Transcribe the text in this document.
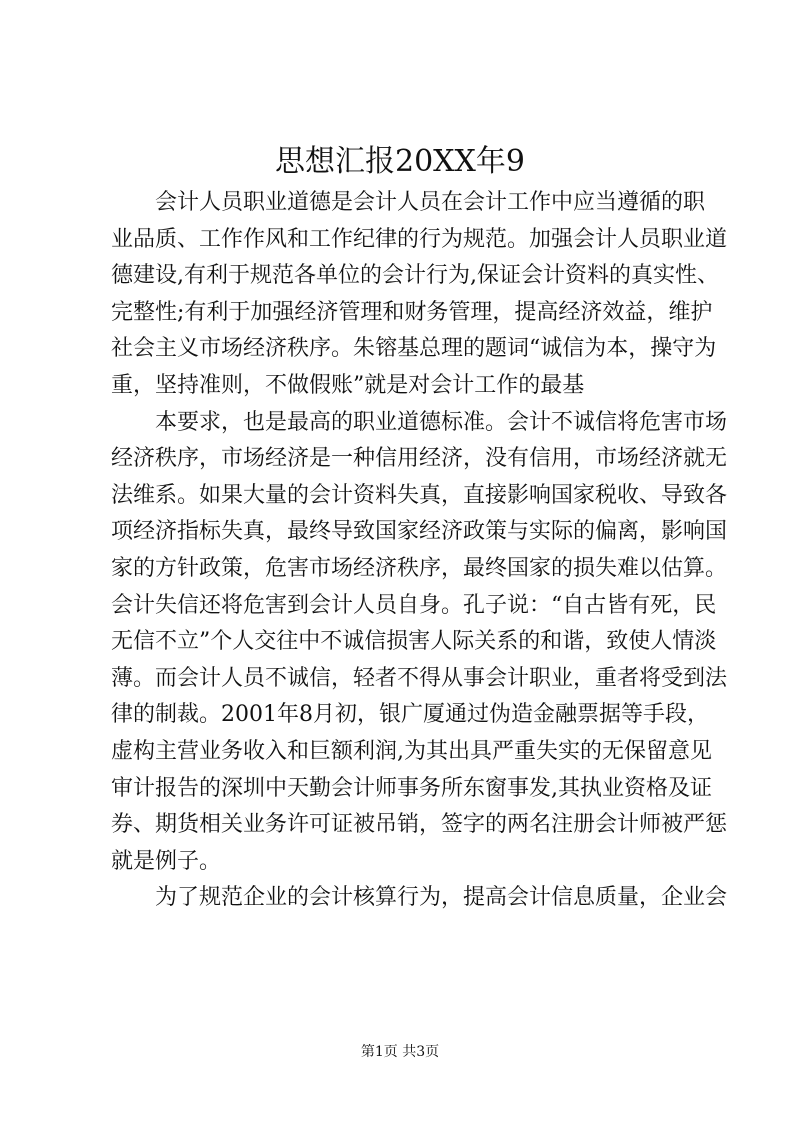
思想汇报20XX年9
会计人员职业道德是会计人员在会计工作中应当遵循的职
业品质、工作作风和工作纪律的行为规范。加强会计人员职业道
德建设,有利于规范各单位的会计行为,保证会计资料的真实性、
完整性;有利于加强经济管理和财务管理，提高经济效益，维护
社会主义市场经济秩序。朱镕基总理的题词“诚信为本，操守为
重，坚持准则，不做假账”就是对会计工作的最基
本要求，也是最高的职业道德标准。会计不诚信将危害市场
经济秩序，市场经济是一种信用经济，没有信用，市场经济就无
法维系。如果大量的会计资料失真，直接影响国家税收、导致各
项经济指标失真，最终导致国家经济政策与实际的偏离，影响国
家的方针政策，危害市场经济秩序，最终国家的损失难以估算。
会计失信还将危害到会计人员自身。孔子说：“自古皆有死，民
无信不立”个人交往中不诚信损害人际关系的和谐，致使人情淡
薄。而会计人员不诚信，轻者不得从事会计职业，重者将受到法
律的制裁。2001年8月初，银广厦通过伪造金融票据等手段，
虚构主营业务收入和巨额利润,为其出具严重失实的无保留意见
审计报告的深圳中天勤会计师事务所东窗事发,其执业资格及证
券、期货相关业务许可证被吊销，签字的两名注册会计师被严惩
就是例子。
为了规范企业的会计核算行为，提高会计信息质量，企业会
第1页 共3页
